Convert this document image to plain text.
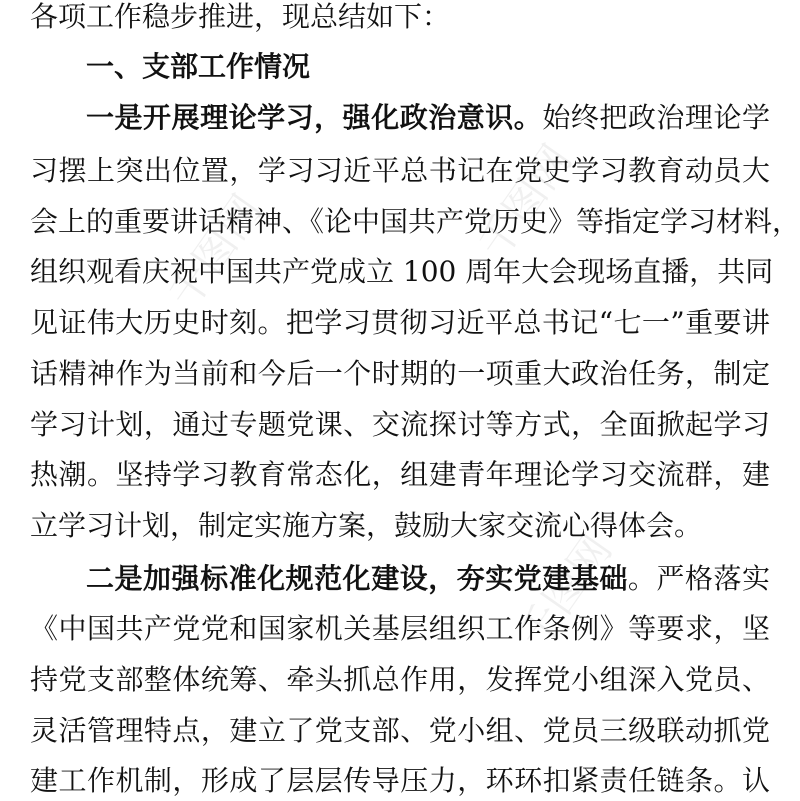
千图网	千图网
千图网
各项工作稳步推进，现总结如下：
一、支部工作情况
一是开展理论学习，强化政治意识。始终把政治理论学
习摆上突出位置，学习习近平总书记在党史学习教育动员大
会上的重要讲话精神、《论中国共产党历史》等指定学习材料，
组织观看庆祝中国共产党成立 100 周年大会现场直播，共同
见证伟大历史时刻。把学习贯彻习近平总书记“七一”重要讲
话精神作为当前和今后一个时期的一项重大政治任务，制定
学习计划，通过专题党课、交流探讨等方式，全面掀起学习
热潮。坚持学习教育常态化，组建青年理论学习交流群，建
立学习计划，制定实施方案，鼓励大家交流心得体会。
二是加强标准化规范化建设，夯实党建基础。严格落实
《中国共产党党和国家机关基层组织工作条例》等要求，坚
持党支部整体统筹、牵头抓总作用，发挥党小组深入党员、
灵活管理特点，建立了党支部、党小组、党员三级联动抓党
建工作机制，形成了层层传导压力，环环扣紧责任链条。认
